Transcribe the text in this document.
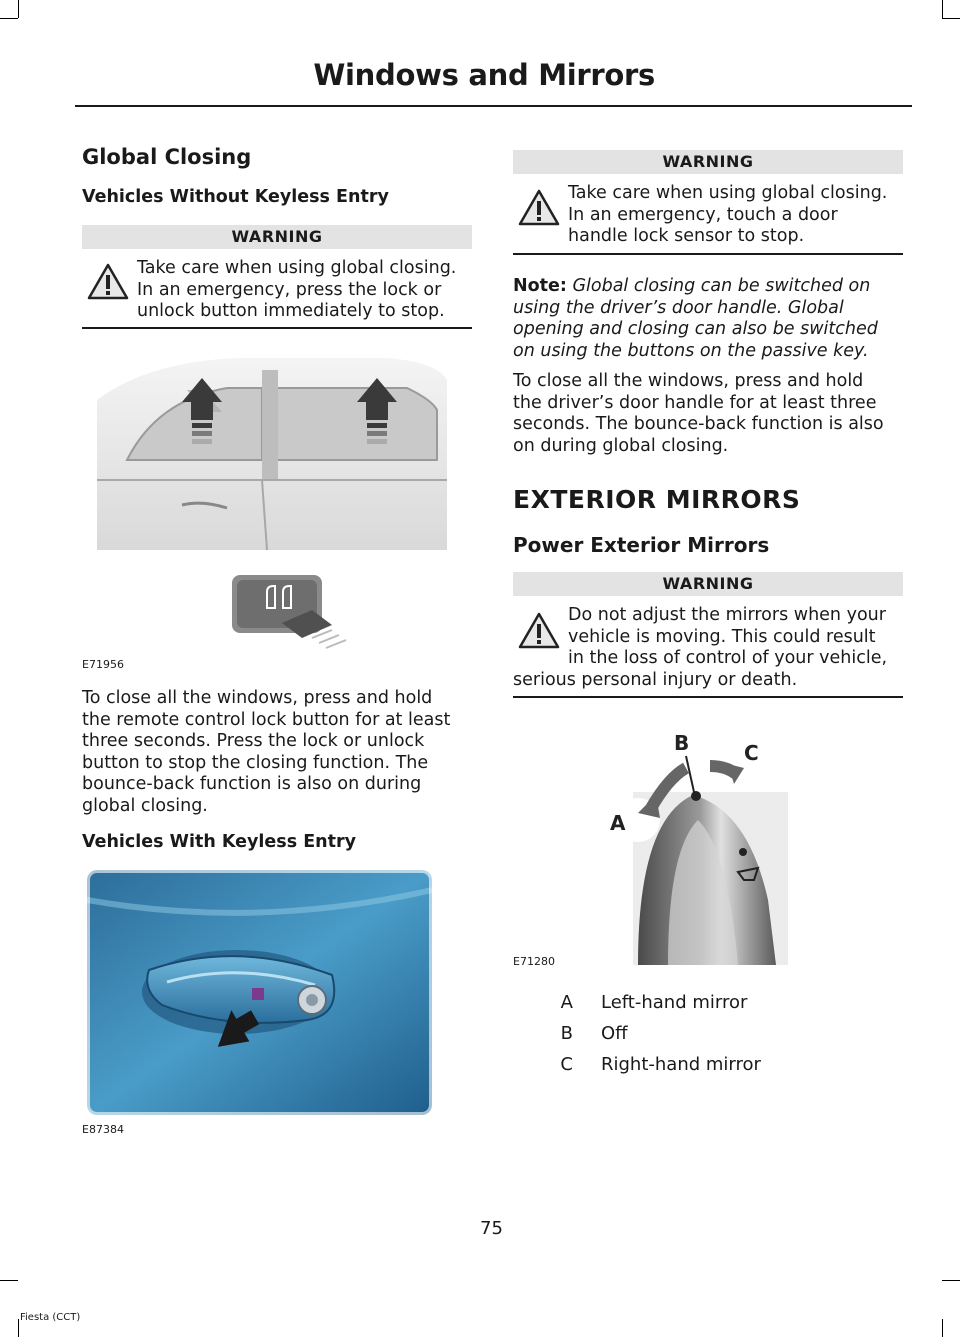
Windows and Mirrors
Global Closing
Vehicles Without Keyless Entry
WARNING
Take care when using global closing.
In an emergency, press the lock or
unlock button immediately to stop.
E71956
To close all the windows, press and hold
the remote control lock button for at least
three seconds. Press the lock or unlock
button to stop the closing function. The
bounce-back function is also on during
global closing.
Vehicles With Keyless Entry
E87384
WARNING
Take care when using global closing.
In an emergency, touch a door
handle lock sensor to stop.
Note: Global closing can be switched on
using the driver’s door handle. Global
opening and closing can also be switched
on using the buttons on the passive key.
To close all the windows, press and hold
the driver’s door handle for at least three
seconds. The bounce-back function is also
on during global closing.
EXTERIOR MIRRORS
Power Exterior Mirrors
WARNING
Do not adjust the mirrors when your
vehicle is moving. This could result
in the loss of control of your vehicle,
serious personal injury or death.
B	C
A
E71280
A Left-hand mirror
B Off
C Right-hand mirror
75
Fiesta (CCT)
